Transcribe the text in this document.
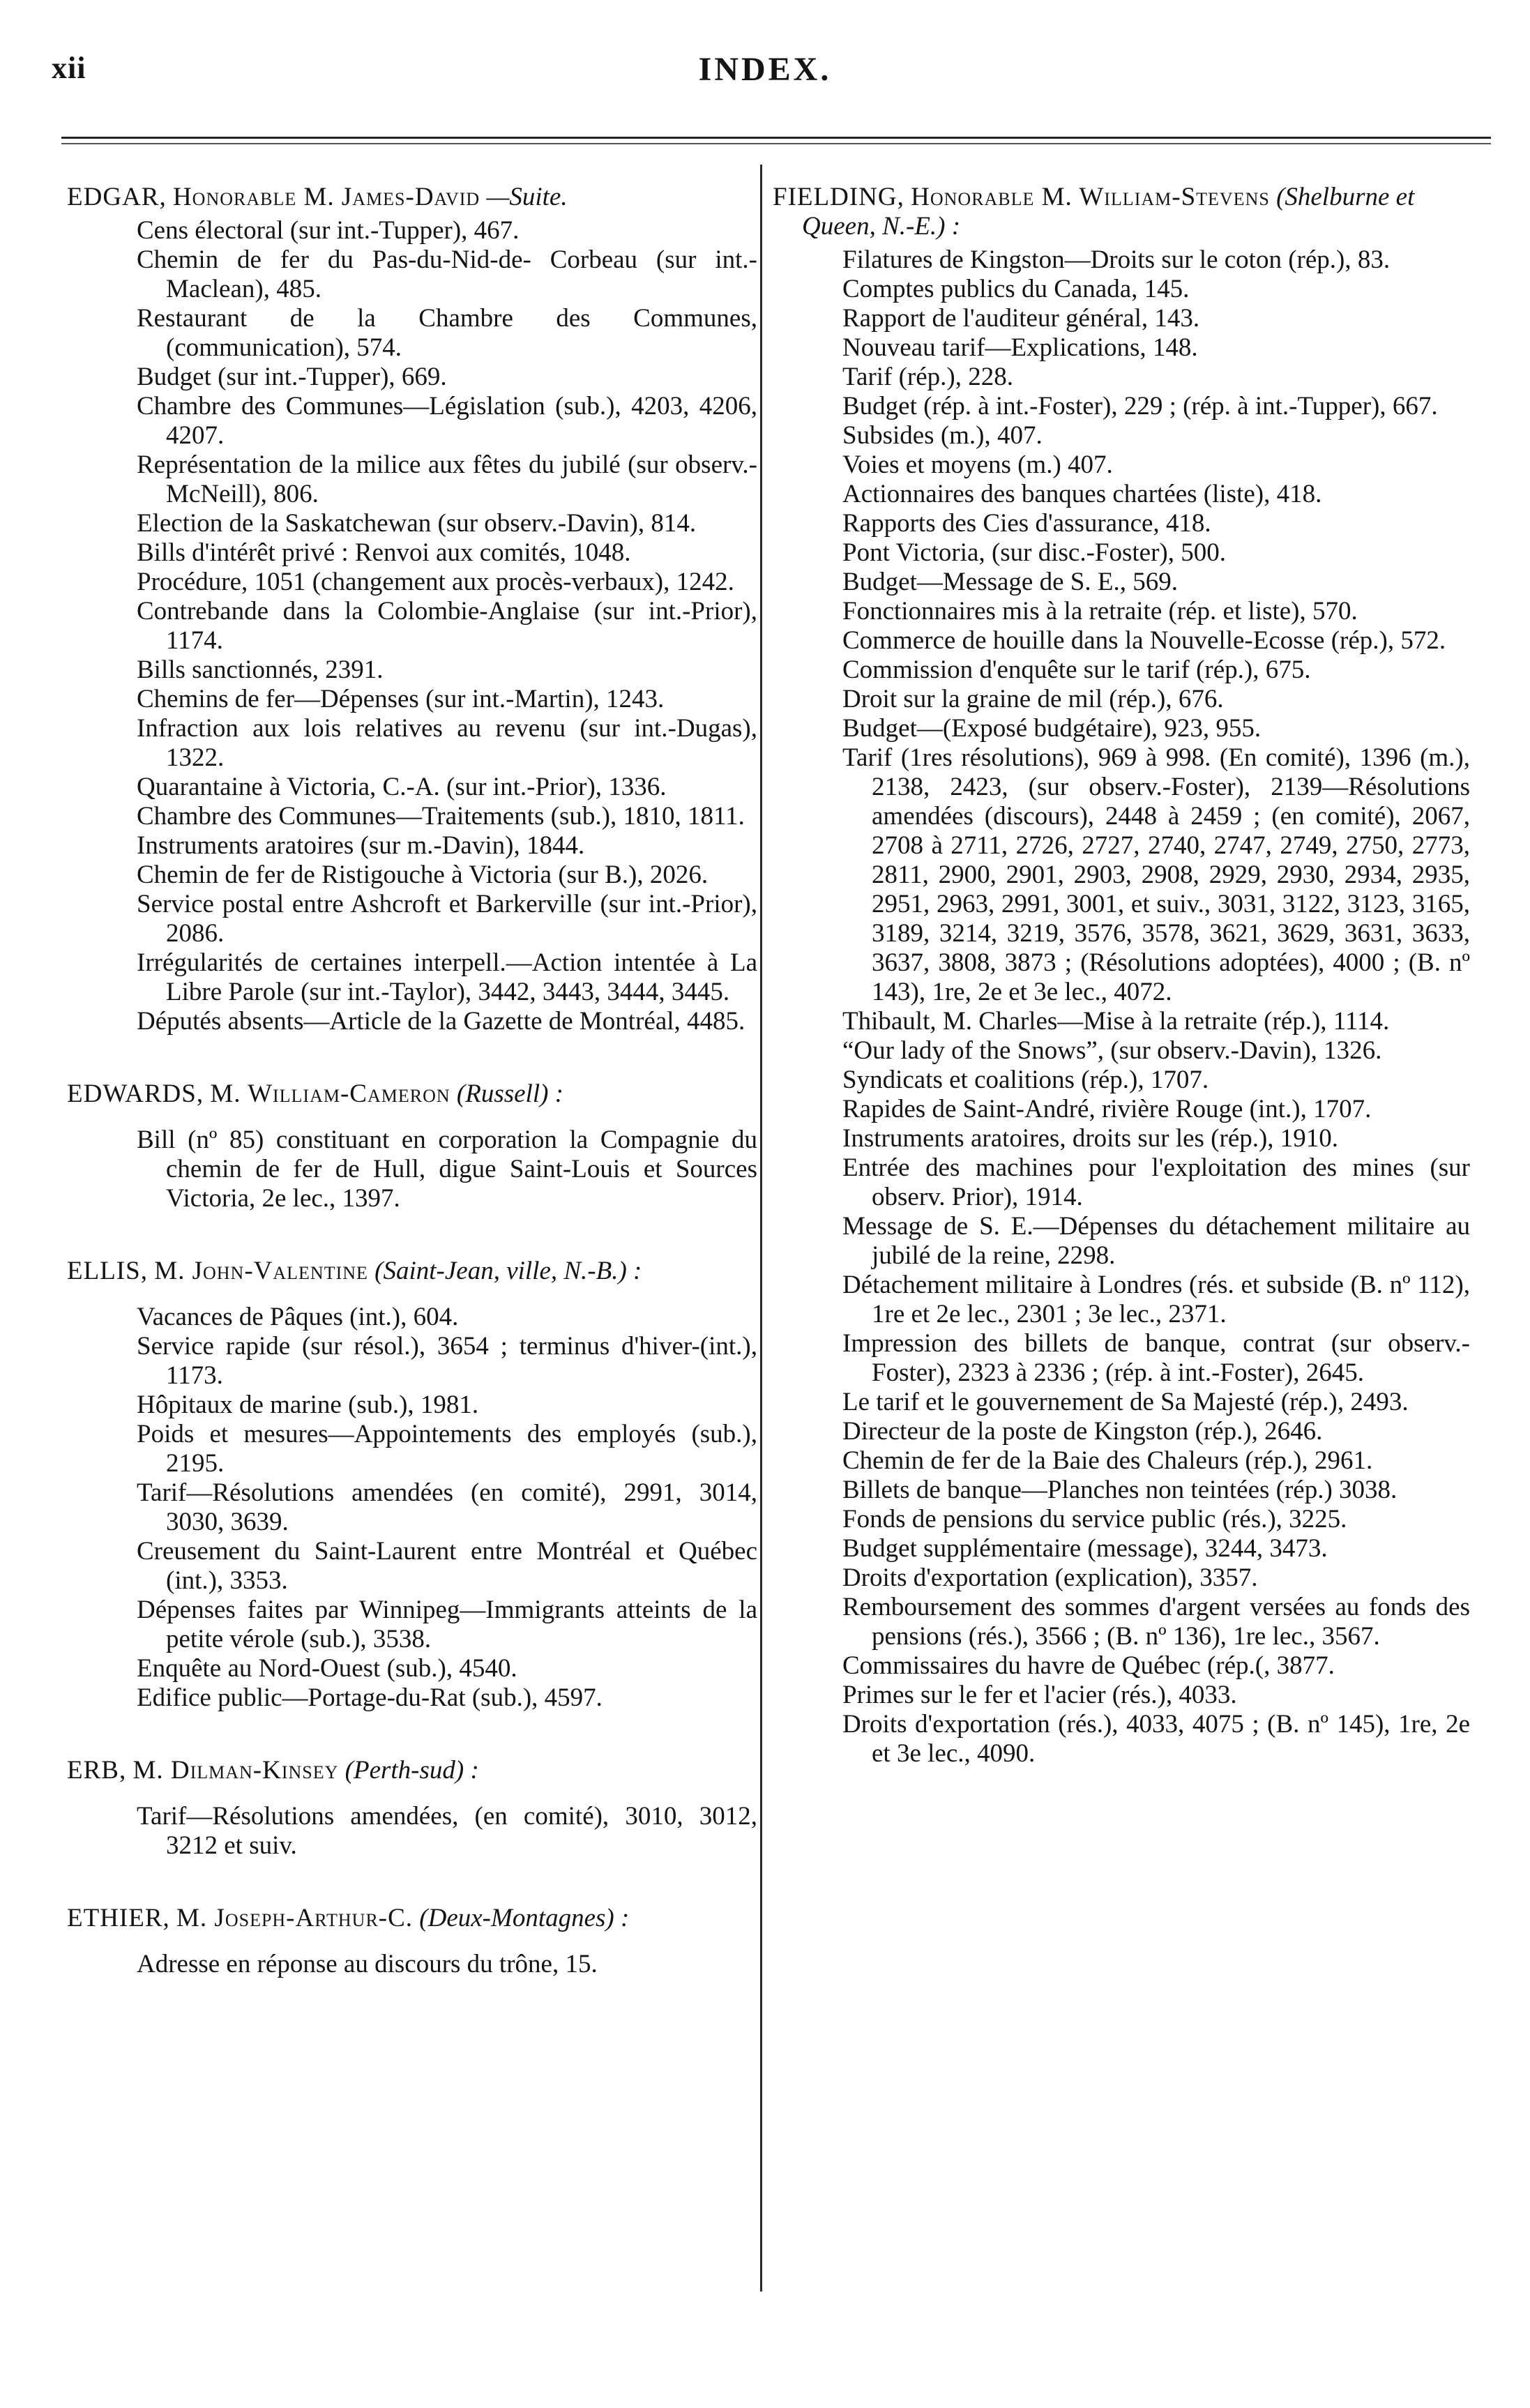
INDEX.
xii
EDGAR, Honorable M. James-David —Suite.
Cens électoral (sur int.-Tupper), 467.
Chemin de fer du Pas-du-Nid-de- Corbeau (sur int.-Maclean), 485.
Restaurant de la Chambre des Communes, (communication), 574.
Budget (sur int.-Tupper), 669.
Chambre des Communes—Législation (sub.), 4203, 4206, 4207.
Représentation de la milice aux fêtes du jubilé (sur observ.-McNeill), 806.
Election de la Saskatchewan (sur observ.-Davin), 814.
Bills d'intérêt privé : Renvoi aux comités, 1048.
Procédure, 1051 (changement aux procès-verbaux), 1242.
Contrebande dans la Colombie-Anglaise (sur int.-Prior), 1174.
Bills sanctionnés, 2391.
Chemins de fer—Dépenses (sur int.-Martin), 1243.
Infraction aux lois relatives au revenu (sur int.-Dugas), 1322.
Quarantaine à Victoria, C.-A. (sur int.-Prior), 1336.
Chambre des Communes—Traitements (sub.), 1810, 1811.
Instruments aratoires (sur m.-Davin), 1844.
Chemin de fer de Ristigouche à Victoria (sur B.), 2026.
Service postal entre Ashcroft et Barkerville (sur int.-Prior), 2086.
Irrégularités de certaines interpell.—Action intentée à La Libre Parole (sur int.-Taylor), 3442, 3443, 3444, 3445.
Députés absents—Article de la Gazette de Montréal, 4485.
EDWARDS, M. William-Cameron (Russell) :
Bill (nº 85) constituant en corporation la Compagnie du chemin de fer de Hull, digue Saint-Louis et Sources Victoria, 2e lec., 1397.
ELLIS, M. John-Valentine (Saint-Jean, ville, N.-B.) :
Vacances de Pâques (int.), 604.
Service rapide (sur résol.), 3654 ; terminus d'hiver-(int.), 1173.
Hôpitaux de marine (sub.), 1981.
Poids et mesures—Appointements des employés (sub.), 2195.
Tarif—Résolutions amendées (en comité), 2991, 3014, 3030, 3639.
Creusement du Saint-Laurent entre Montréal et Québec (int.), 3353.
Dépenses faites par Winnipeg—Immigrants atteints de la petite vérole (sub.), 3538.
Enquête au Nord-Ouest (sub.), 4540.
Edifice public—Portage-du-Rat (sub.), 4597.
ERB, M. Dilman-Kinsey (Perth-sud) :
Tarif—Résolutions amendées, (en comité), 3010, 3012, 3212 et suiv.
ETHIER, M. Joseph-Arthur-C. (Deux-Montagnes) :
Adresse en réponse au discours du trône, 15.
FIELDING, Honorable M. William-Stevens (Shelburne et Queen, N.-E.) :
Filatures de Kingston—Droits sur le coton (rép.), 83.
Comptes publics du Canada, 145.
Rapport de l'auditeur général, 143.
Nouveau tarif—Explications, 148.
Tarif (rép.), 228.
Budget (rép. à int.-Foster), 229 ; (rép. à int.-Tupper), 667.
Subsides (m.), 407.
Voies et moyens (m.) 407.
Actionnaires des banques chartées (liste), 418.
Rapports des Cies d'assurance, 418.
Pont Victoria, (sur disc.-Foster), 500.
Budget—Message de S. E., 569.
Fonctionnaires mis à la retraite (rép. et liste), 570.
Commerce de houille dans la Nouvelle-Ecosse (rép.), 572.
Commission d'enquête sur le tarif (rép.), 675.
Droit sur la graine de mil (rép.), 676.
Budget—(Exposé budgétaire), 923, 955.
Tarif (1res résolutions), 969 à 998. (En comité), 1396 (m.), 2138, 2423, (sur observ.-Foster), 2139—Résolutions amendées (discours), 2448 à 2459 ; (en comité), 2067, 2708 à 2711, 2726, 2727, 2740, 2747, 2749, 2750, 2773, 2811, 2900, 2901, 2903, 2908, 2929, 2930, 2934, 2935, 2951, 2963, 2991, 3001, et suiv., 3031, 3122, 3123, 3165, 3189, 3214, 3219, 3576, 3578, 3621, 3629, 3631, 3633, 3637, 3808, 3873 ; (Résolutions adoptées), 4000 ; (B. nº 143), 1re, 2e et 3e lec., 4072.
Thibault, M. Charles—Mise à la retraite (rép.), 1114.
“Our lady of the Snows”, (sur observ.-Davin), 1326.
Syndicats et coalitions (rép.), 1707.
Rapides de Saint-André, rivière Rouge (int.), 1707.
Instruments aratoires, droits sur les (rép.), 1910.
Entrée des machines pour l'exploitation des mines (sur observ. Prior), 1914.
Message de S. E.—Dépenses du détachement militaire au jubilé de la reine, 2298.
Détachement militaire à Londres (rés. et subside (B. nº 112), 1re et 2e lec., 2301 ; 3e lec., 2371.
Impression des billets de banque, contrat (sur observ.-Foster), 2323 à 2336 ; (rép. à int.-Foster), 2645.
Le tarif et le gouvernement de Sa Majesté (rép.), 2493.
Directeur de la poste de Kingston (rép.), 2646.
Chemin de fer de la Baie des Chaleurs (rép.), 2961.
Billets de banque—Planches non teintées (rép.) 3038.
Fonds de pensions du service public (rés.), 3225.
Budget supplémentaire (message), 3244, 3473.
Droits d'exportation (explication), 3357.
Remboursement des sommes d'argent versées au fonds des pensions (rés.), 3566 ; (B. nº 136), 1re lec., 3567.
Commissaires du havre de Québec (rép.(, 3877.
Primes sur le fer et l'acier (rés.), 4033.
Droits d'exportation (rés.), 4033, 4075 ; (B. nº 145), 1re, 2e et 3e lec., 4090.
